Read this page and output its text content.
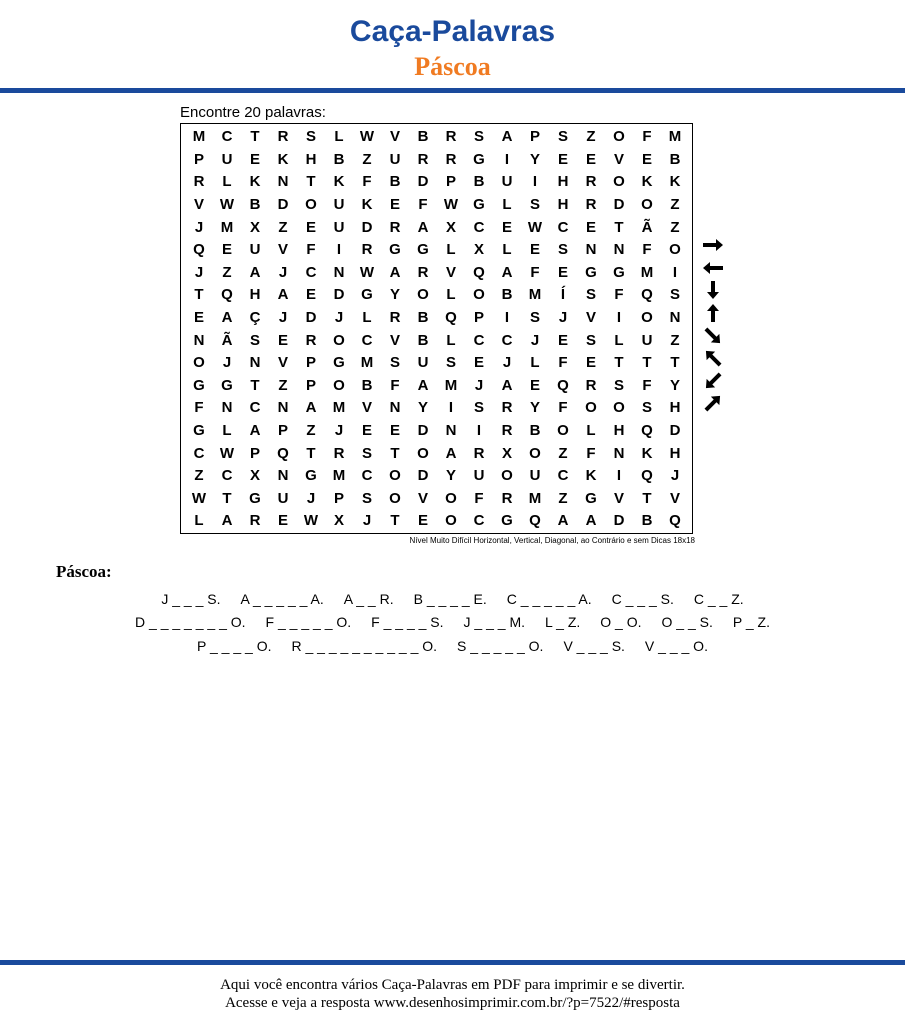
Caça-Palavras
Páscoa
Encontre 20 palavras:
M	C	T	R	S	L	W	V	B	R	S	A	P	S	Z	O	F	M
P	U	E	K	H	B	Z	U	R	R	G	I	Y	E	E	V	E	B
R	L	K	N	T	K	F	B	D	P	B	U	I	H	R	O	K	K
V	W	B	D	O	U	K	E	F	W	G	L	S	H	R	D	O	Z
J	M	X	Z	E	U	D	R	A	X	C	E	W	C	E	T	Ã	Z
Q	E	U	V	F	I	R	G	G	L	X	L	E	S	N	N	F	O
J	Z	A	J	C	N	W	A	R	V	Q	A	F	E	G	G	M	I
T	Q	H	A	E	D	G	Y	O	L	O	B	M	Í	S	F	Q	S
E	A	Ç	J	D	J	L	R	B	Q	P	I	S	J	V	I	O	N
N	Ã	S	E	R	O	C	V	B	L	C	C	J	E	S	L	U	Z
O	J	N	V	P	G	M	S	U	S	E	J	L	F	E	T	T	T
G	G	T	Z	P	O	B	F	A	M	J	A	E	Q	R	S	F	Y
F	N	C	N	A	M	V	N	Y	I	S	R	Y	F	O	O	S	H
G	L	A	P	Z	J	E	E	D	N	I	R	B	O	L	H	Q	D
C	W	P	Q	T	R	S	T	O	A	R	X	O	Z	F	N	K	H
Z	C	X	N	G	M	C	O	D	Y	U	O	U	C	K	I	Q	J
W	T	G	U	J	P	S	O	V	O	F	R	M	Z	G	V	T	V
L	A	R	E	W	X	J	T	E	O	C	G	Q	A	A	D	B	Q
Nível Muito Difícil Horizontal, Vertical, Diagonal, ao Contrário e sem Dicas 18x18
Páscoa:
J _ _ _ S. A _ _ _ _ _ A. A _ _ R. B _ _ _ _ E. C _ _ _ _ _ A. C _ _ _ S. C _ _ Z.
D _ _ _ _ _ _ _ O. F _ _ _ _ _ O. F _ _ _ _ S. J _ _ _ M. L _ Z. O _ O. O _ _ S. P _ Z.
P _ _ _ _ O. R _ _ _ _ _ _ _ _ _ _ O. S _ _ _ _ _ O. V _ _ _ S. V _ _ _ O.
Aqui você encontra vários Caça-Palavras em PDF para imprimir e se divertir.
Acesse e veja a resposta www.desenhosimprimir.com.br/?p=7522/#resposta
